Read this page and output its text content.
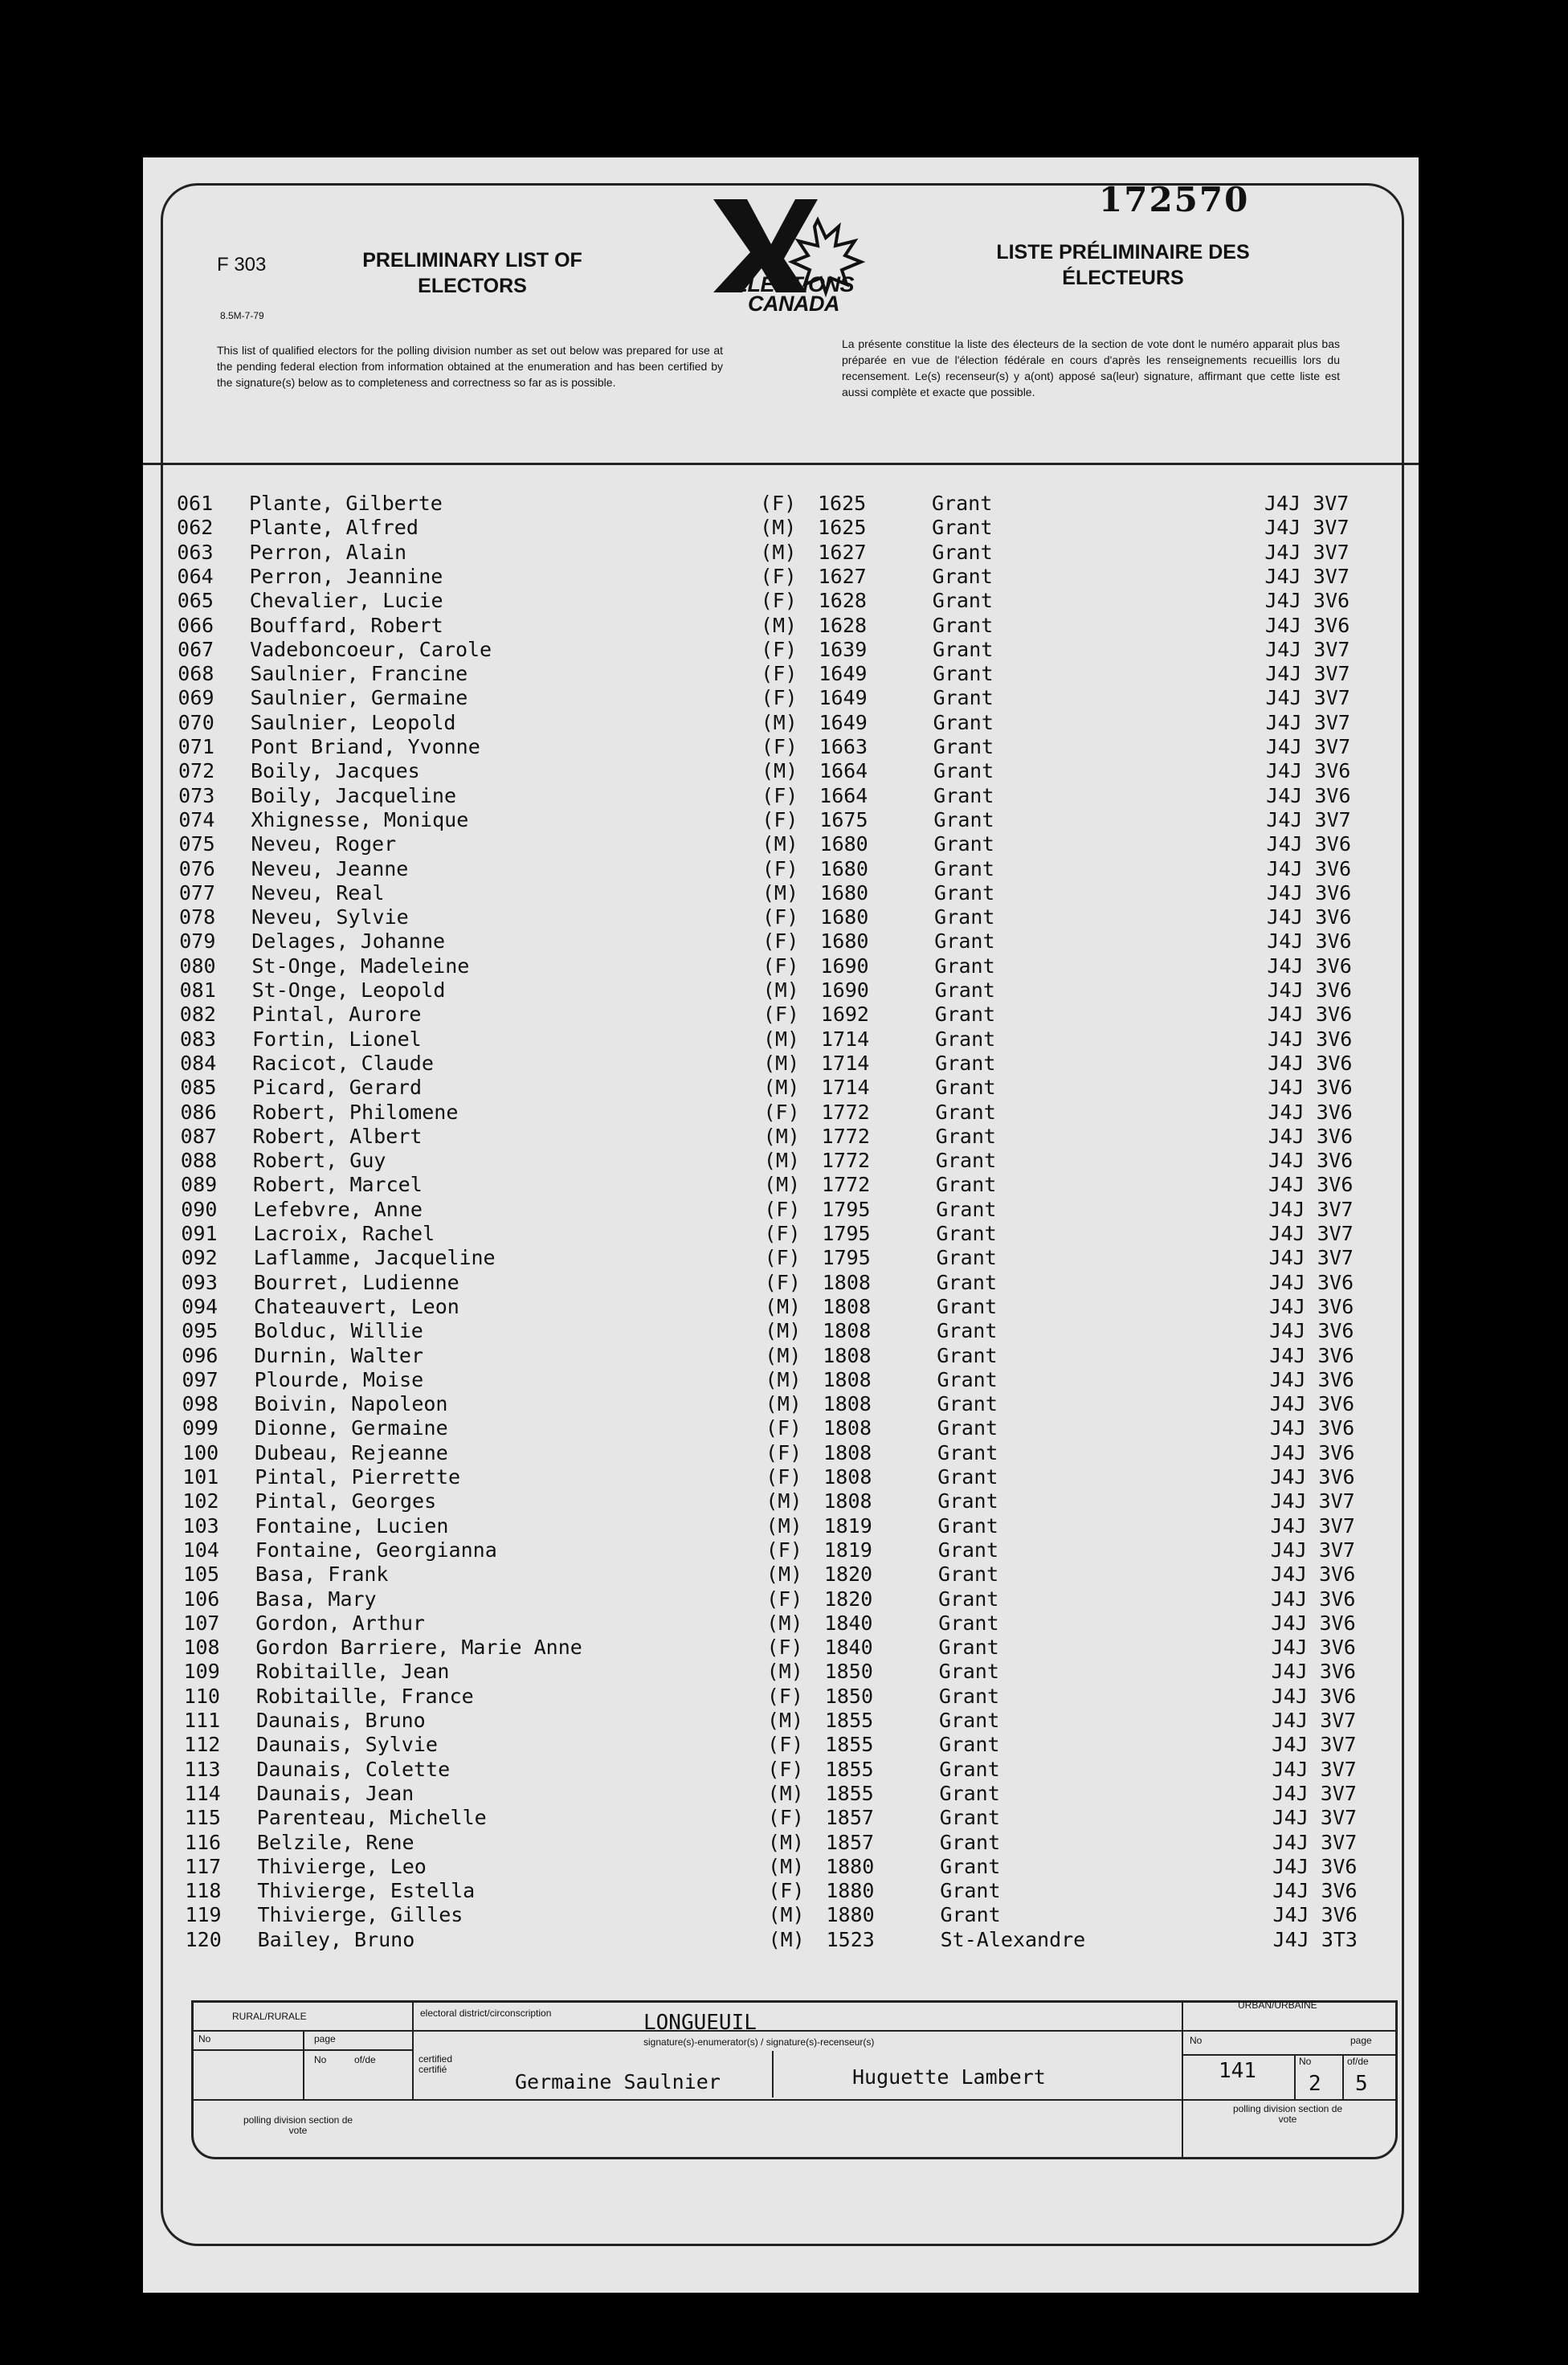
172570
F 303
8.5M-7-79
PRELIMINARY LIST OF ELECTORS
LISTE PRÉLIMINAIRE DES ÉLECTEURS
ELECTIONS CANADA
This list of qualified electors for the polling division number as set out below was prepared for use at the pending federal election from information obtained at the enumeration and has been certified by the signature(s) below as to completeness and correctness so far as is possible.
La présente constitue la liste des électeurs de la section de vote dont le numéro apparait plus bas préparée en vue de l'élection fédérale en cours d'après les renseignements recueillis lors du recensement. Le(s) recenseur(s) y a(ont) apposé sa(leur) signature, affirmant que cette liste est aussi complète et exacte que possible.
061 Plante, Gilberte	(F) 1625	Grant	J4J 3V7
062 Plante, Alfred	(M) 1625	Grant	J4J 3V7
063 Perron, Alain	(M) 1627	Grant	J4J 3V7
064 Perron, Jeannine	(F) 1627	Grant	J4J 3V7
065 Chevalier, Lucie	(F) 1628	Grant	J4J 3V6
066 Bouffard, Robert	(M) 1628	Grant	J4J 3V6
067 Vadeboncoeur, Carole	(F) 1639	Grant	J4J 3V7
068 Saulnier, Francine	(F) 1649	Grant	J4J 3V7
069 Saulnier, Germaine	(F) 1649	Grant	J4J 3V7
070 Saulnier, Leopold	(M) 1649	Grant	J4J 3V7
071 Pont Briand, Yvonne	(F) 1663	Grant	J4J 3V7
072 Boily, Jacques	(M) 1664	Grant	J4J 3V6
073 Boily, Jacqueline	(F) 1664	Grant	J4J 3V6
074 Xhignesse, Monique	(F) 1675	Grant	J4J 3V7
075 Neveu, Roger	(M) 1680	Grant	J4J 3V6
076 Neveu, Jeanne	(F) 1680	Grant	J4J 3V6
077 Neveu, Real	(M) 1680	Grant	J4J 3V6
078 Neveu, Sylvie	(F) 1680	Grant	J4J 3V6
079 Delages, Johanne	(F) 1680	Grant	J4J 3V6
080 St-Onge, Madeleine	(F) 1690	Grant	J4J 3V6
081 St-Onge, Leopold	(M) 1690	Grant	J4J 3V6
082 Pintal, Aurore	(F) 1692	Grant	J4J 3V6
083 Fortin, Lionel	(M) 1714	Grant	J4J 3V6
084 Racicot, Claude	(M) 1714	Grant	J4J 3V6
085 Picard, Gerard	(M) 1714	Grant	J4J 3V6
086 Robert, Philomene	(F) 1772	Grant	J4J 3V6
087 Robert, Albert	(M) 1772	Grant	J4J 3V6
088 Robert, Guy	(M) 1772	Grant	J4J 3V6
089 Robert, Marcel	(M) 1772	Grant	J4J 3V6
090 Lefebvre, Anne	(F) 1795	Grant	J4J 3V7
091 Lacroix, Rachel	(F) 1795	Grant	J4J 3V7
092 Laflamme, Jacqueline	(F) 1795	Grant	J4J 3V7
093 Bourret, Ludienne	(F) 1808	Grant	J4J 3V6
094 Chateauvert, Leon	(M) 1808	Grant	J4J 3V6
095 Bolduc, Willie	(M) 1808	Grant	J4J 3V6
096 Durnin, Walter	(M) 1808	Grant	J4J 3V6
097 Plourde, Moise	(M) 1808	Grant	J4J 3V6
098 Boivin, Napoleon	(M) 1808	Grant	J4J 3V6
099 Dionne, Germaine	(F) 1808	Grant	J4J 3V6
100 Dubeau, Rejeanne	(F) 1808	Grant	J4J 3V6
101 Pintal, Pierrette	(F) 1808	Grant	J4J 3V6
102 Pintal, Georges	(M) 1808	Grant	J4J 3V7
103 Fontaine, Lucien	(M) 1819	Grant	J4J 3V7
104 Fontaine, Georgianna	(F) 1819	Grant	J4J 3V7
105 Basa, Frank	(M) 1820	Grant	J4J 3V6
106 Basa, Mary	(F) 1820	Grant	J4J 3V6
107 Gordon, Arthur	(M) 1840	Grant	J4J 3V6
108 Gordon Barriere, Marie Anne	(F) 1840	Grant	J4J 3V6
109 Robitaille, Jean	(M) 1850	Grant	J4J 3V6
110 Robitaille, France	(F) 1850	Grant	J4J 3V6
111 Daunais, Bruno	(M) 1855	Grant	J4J 3V7
112 Daunais, Sylvie	(F) 1855	Grant	J4J 3V7
113 Daunais, Colette	(F) 1855	Grant	J4J 3V7
114 Daunais, Jean	(M) 1855	Grant	J4J 3V7
115 Parenteau, Michelle	(F) 1857	Grant	J4J 3V7
116 Belzile, Rene	(M) 1857	Grant	J4J 3V7
117 Thivierge, Leo	(M) 1880	Grant	J4J 3V6
118 Thivierge, Estella	(F) 1880	Grant	J4J 3V6
119 Thivierge, Gilles	(M) 1880	Grant	J4J 3V6
120 Bailey, Bruno	(M) 1523	St-Alexandre	J4J 3T3
RURAL/RURALE	electoral district/circonscription	LONGUEUIL
URBAN/URBAINE
No	page
No	of/de	certified certifié
signature(s)-enumerator(s) / signature(s)-recenseur(s)
Germaine Saulnier	Huguette Lambert
No	page
141	No
2
of/de
5
polling division section de vote
polling division section de vote
